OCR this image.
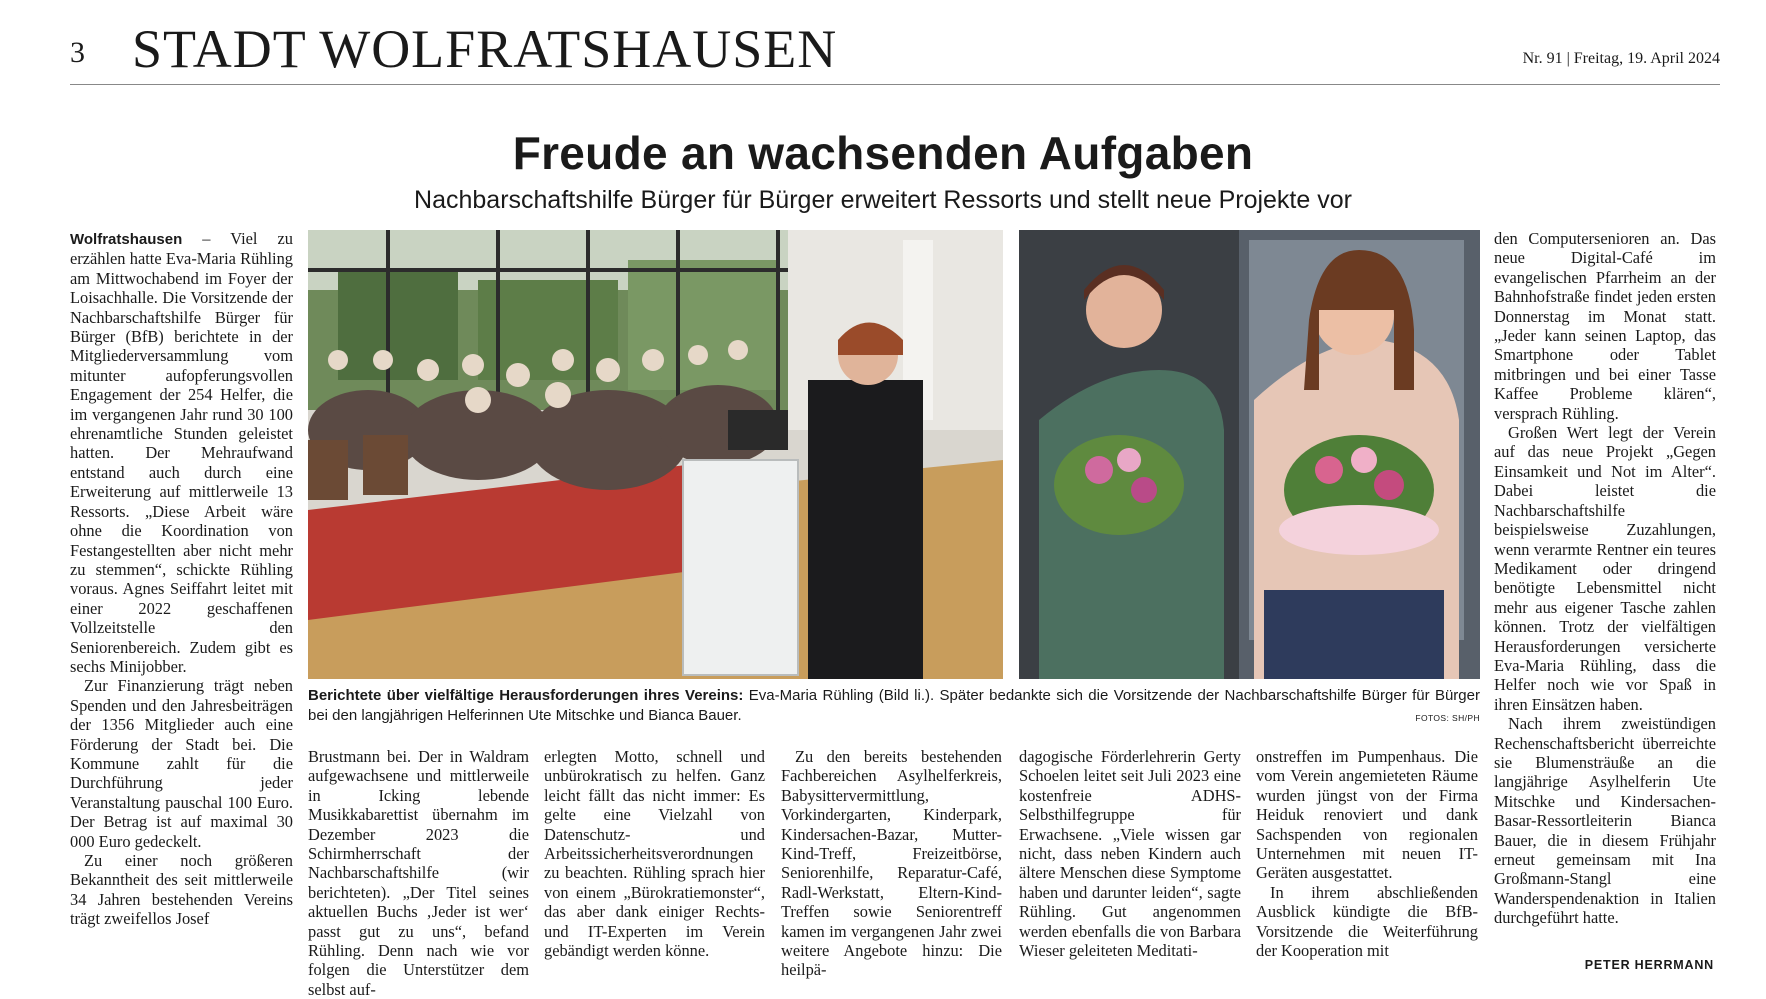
3 STADT WOLFRATSHAUSEN	Nr. 91 | Freitag, 19. April 2024
Freude an wachsenden Aufgaben
Nachbarschaftshilfe Bürger für Bürger erweitert Ressorts und stellt neue Projekte vor

Wolfratshausen – Viel zu erzählen hatte Eva-Maria Rühling am Mittwochabend im Foyer der Loisachhalle. Die Vorsitzende der Nachbarschaftshilfe Bürger für Bürger (BfB) berichtete in der Mitgliederversammlung vom mitunter aufopferungsvollen Engagement der 254 Helfer, die im vergangenen Jahr rund 30 100 ehrenamtliche Stunden geleistet hatten. Der Mehraufwand entstand auch durch eine Erweiterung auf mittlerweile 13 Ressorts. „Diese Arbeit wäre ohne die Koordination von Festangestellten aber nicht mehr zu stemmen“, schickte Rühling voraus. Agnes Seiffahrt leitet mit einer 2022 geschaffenen Vollzeitstelle den Seniorenbereich. Zudem gibt es sechs Minijobber.

Zur Finanzierung trägt neben Spenden und den Jahresbeiträgen der 1356 Mitglieder auch eine Förderung der Stadt bei. Die Kommune zahlt für die Durchführung jeder Veranstaltung pauschal 100 Euro. Der Betrag ist auf maximal 30 000 Euro gedeckelt.

Zu einer noch größeren Bekanntheit des seit mittlerweile 34 Jahren bestehenden Vereins trägt zweifellos Josef

Berichtete über vielfältige Herausforderungen ihres Vereins: Eva-Maria Rühling (Bild li.). Später bedankte sich die Vorsitzende der Nachbarschaftshilfe Bürger für Bürger bei den langjährigen Helferinnen Ute Mitschke und Bianca Bauer.	FOTOS: SH/PH

Brustmann bei. Der in Waldram aufgewachsene und mittlerweile in Icking lebende Musikkabarettist übernahm im Dezember 2023 die Schirmherrschaft der Nachbarschaftshilfe (wir berichteten). „Der Titel seines aktuellen Buchs ‚Jeder ist wer‘ passt gut zu uns“, befand Rühling. Denn nach wie vor folgen die Unterstützer dem selbst auf-

erlegten Motto, schnell und unbürokratisch zu helfen. Ganz leicht fällt das nicht immer: Es gelte eine Vielzahl von Datenschutz- und Arbeitssicherheitsverordnungen zu beachten. Rühling sprach hier von einem „Bürokratiemonster“, das aber dank einiger Rechts- und IT-Experten im Verein gebändigt werden könne.

Zu den bereits bestehenden Fachbereichen Asylhelferkreis, Babysittervermittlung, Vorkindergarten, Kinderpark, Kindersachen-Bazar, Mutter-Kind-Treff, Freizeitbörse, Seniorenhilfe, Reparatur-Café, Radl-Werkstatt, Eltern-Kind-Treffen sowie Seniorentreff kamen im vergangenen Jahr zwei weitere Angebote hinzu: Die heilpä-

dagogische Förderlehrerin Gerty Schoelen leitet seit Juli 2023 eine kostenfreie ADHS-Selbsthilfegruppe für Erwachsene. „Viele wissen gar nicht, dass neben Kindern auch ältere Menschen diese Symptome haben und darunter leiden“, sagte Rühling. Gut angenommen werden ebenfalls die von Barbara Wieser geleiteten Meditati-

onstreffen im Pumpenhaus. Die vom Verein angemieteten Räume wurden jüngst von der Firma Heiduk renoviert und dank Sachspenden von regionalen Unternehmen mit neuen IT-Geräten ausgestattet.

In ihrem abschließenden Ausblick kündigte die BfB-Vorsitzende die Weiterführung der Kooperation mit

den Computersenioren an. Das neue Digital-Café im evangelischen Pfarrheim an der Bahnhofstraße findet jeden ersten Donnerstag im Monat statt. „Jeder kann seinen Laptop, das Smartphone oder Tablet mitbringen und bei einer Tasse Kaffee Probleme klären“, versprach Rühling.

Großen Wert legt der Verein auf das neue Projekt „Gegen Einsamkeit und Not im Alter“. Dabei leistet die Nachbarschaftshilfe beispielsweise Zuzahlungen, wenn verarmte Rentner ein teures Medikament oder dringend benötigte Lebensmittel nicht mehr aus eigener Tasche zahlen können. Trotz der vielfältigen Herausforderungen versicherte Eva-Maria Rühling, dass die Helfer noch wie vor Spaß in ihren Einsätzen haben.

Nach ihrem zweistündigen Rechenschaftsbericht überreichte sie Blumensträuße an die langjährige Asylhelferin Ute Mitschke und Kindersachen-Basar-Ressortleiterin Bianca Bauer, die in diesem Frühjahr erneut gemeinsam mit Ina Großmann-Stangl eine Wanderspendenaktion in Italien durchgeführt hatte.

PETER HERRMANN
